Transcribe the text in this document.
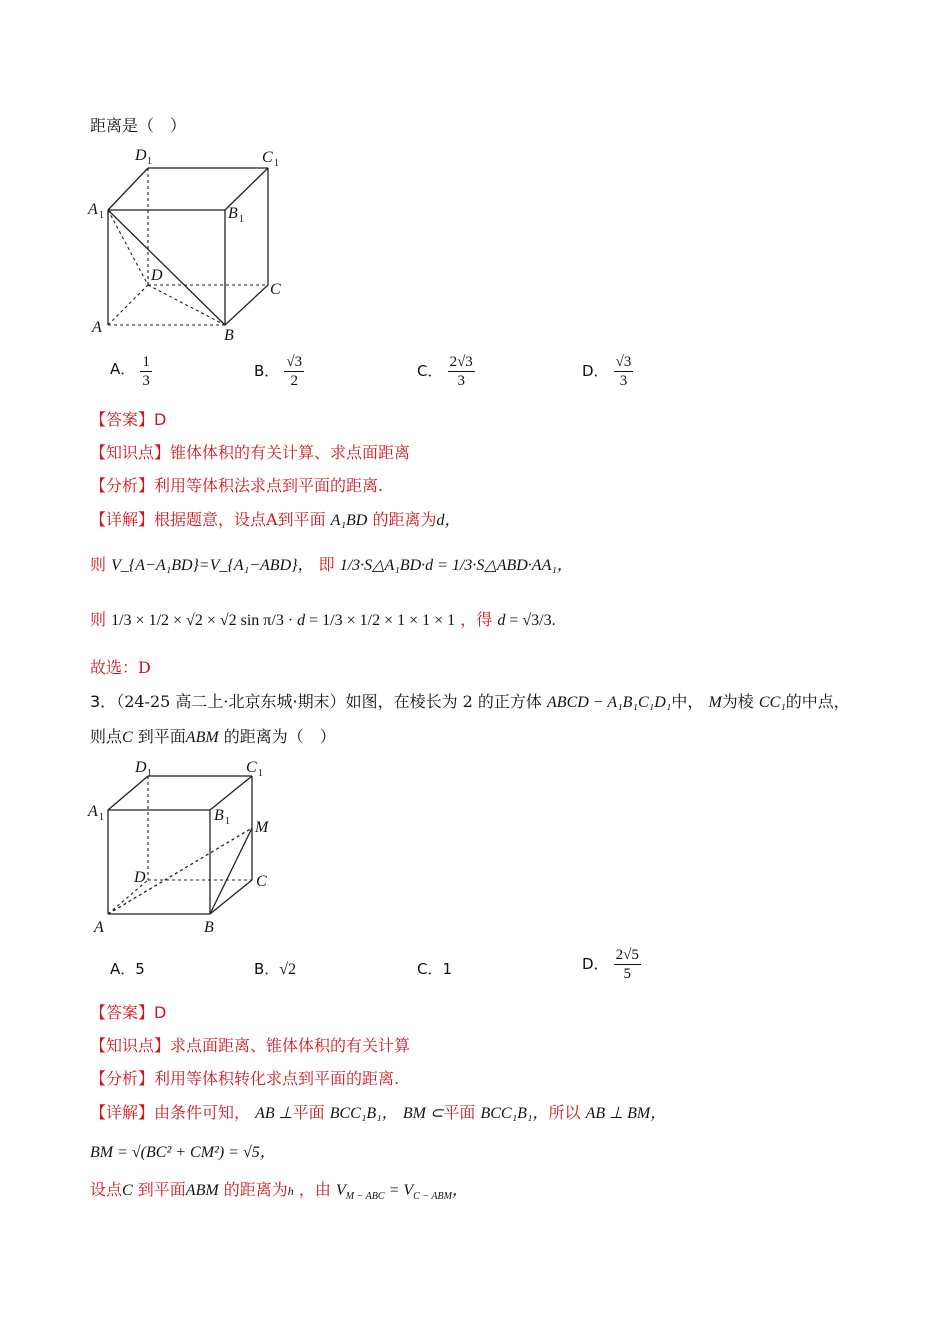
距离是（　）
D 1	C 1
A 1	B 1
D
C
A	B
A． $\frac{1}{3}$	B． $\frac{√3}{2}$	C． $\frac{2√3}{3}$	D． $\frac{√3}{3}$
【答案】D
【知识点】锥体体积的有关计算、求点面距离
【分析】利用等体积法求点到平面的距离.
【详解】根据题意，设点A到平面 A₁BD 的距离为d，
则 V_{A−A₁BD}=V_{A₁−ABD}， 即 1/3·S△A₁BD·d = 1/3·S△ABD·AA₁，
则 1/3 × 1/2 × √2 × √2 sin π/3 · d = 1/3 × 1/2 × 1 × 1 × 1 ，得 d = √3/3.
故选：D
3．（24-25 高二上·北京东城·期末）如图，在棱长为 2 的正方体 ABCD − A₁B₁C₁D₁中， M为棱 CC₁的中点，
则点C 到平面ABM 的距离为（　）
D 1	C 1
A 1	B 1 M
D	C
A	B
A．5	B．√2	C．1	D． $\frac{2√5}{5}$
【答案】D
【知识点】求点面距离、锥体体积的有关计算
【分析】利用等体积转化求点到平面的距离.
【详解】由条件可知， AB ⊥平面 BCC₁B₁， BM ⊂平面 BCC₁B₁，所以 AB ⊥ BM，
BM = √(BC² + CM²) = √5，
设点C 到平面ABM 的距离为h ，由 $V_{M - ABC} = V_{C - ABM}$，
